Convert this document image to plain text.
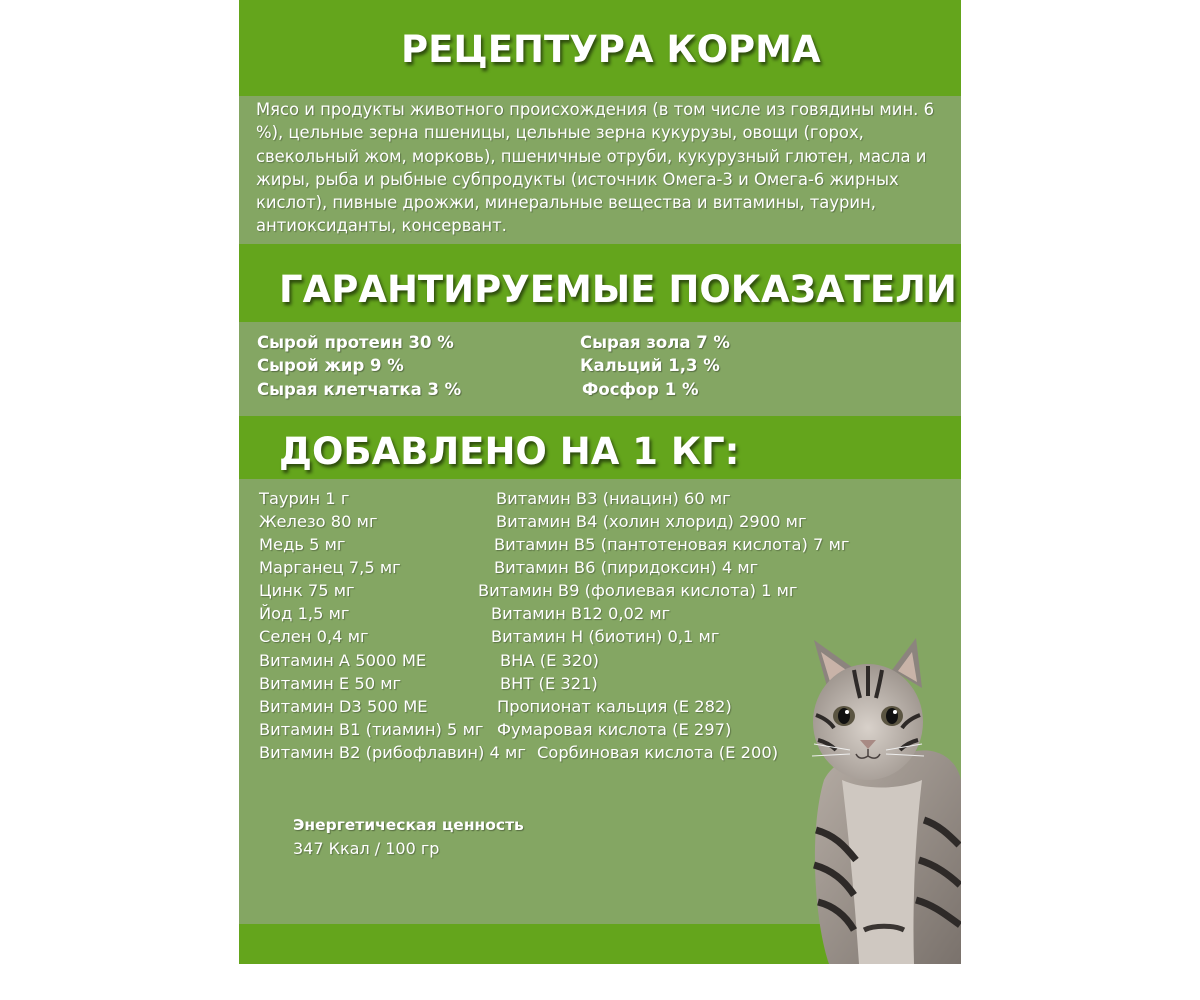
РЕЦЕПТУРА КОРМА

Мясо и продукты животного происхождения (в том числе из говядины мин. 6 %), цельные зерна пшеницы, цельные зерна кукурузы, овощи (горох, свекольный жом, морковь), пшеничные отруби, кукурузный глютен, масла и жиры, рыба и рыбные субпродукты (источник Омега-3 и Омега-6 жирных кислот), пивные дрожжи, минеральные вещества и витамины, таурин, антиоксиданты, консервант.

ГАРАНТИРУЕМЫЕ ПОКАЗАТЕЛИ

Сырой протеин 30 %

Сырой жир 9 %

Сырая клетчатка 3 %

Сырая зола 7 %

Кальций 1,3 %

Фосфор 1 %

ДОБАВЛЕНО НА 1 КГ:

Таурин 1 г

Железо 80 мг

Медь 5 мг

Марганец 7,5 мг

Цинк 75 мг

Йод 1,5 мг

Селен 0,4 мг

Витамин А 5000 МЕ

Витамин Е 50 мг

Витамин D3 500 МЕ

Витамин В1 (тиамин) 5 мг

Витамин В2 (рибофлавин) 4 мг

Витамин В3 (ниацин) 60 мг

Витамин В4 (холин хлорид) 2900 мг

Витамин В5 (пантотеновая кислота) 7 мг

Витамин В6 (пиридоксин) 4 мг

Витамин В9 (фолиевая кислота) 1 мг

Витамин В12 0,02 мг

Витамин Н (биотин) 0,1 мг

ВНА (Е 320)

ВНТ (Е 321)

Пропионат кальция (Е 282)

Фумаровая кислота (Е 297)

Сорбиновая кислота (Е 200)

Энергетическая ценность

347 Ккал / 100 гр
